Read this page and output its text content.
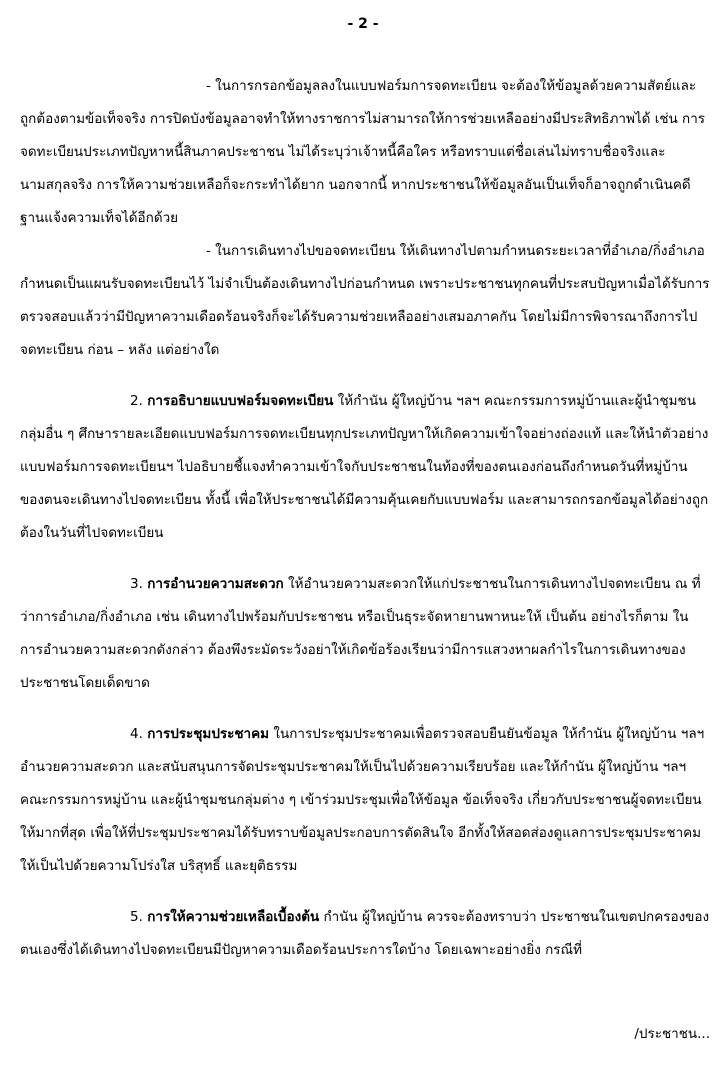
- 2 -

- ในการกรอกข้อมูลลงในแบบฟอร์มการจดทะเบียน จะต้องให้ข้อมูลด้วยความสัตย์และถูกต้องตามข้อเท็จจริง การปิดบังข้อมูลอาจทำให้ทางราชการไม่สามารถให้การช่วยเหลืออย่างมีประสิทธิภาพได้ เช่น การจดทะเบียนประเภทปัญหาหนี้สินภาคประชาชน ไม่ได้ระบุว่าเจ้าหนี้คือใคร หรือทราบแต่ชื่อเล่นไม่ทราบชื่อจริงและนามสกุลจริง การให้ความช่วยเหลือก็จะกระทำได้ยาก นอกจากนี้ หากประชาชนให้ข้อมูลอันเป็นเท็จก็อาจถูกดำเนินคดีฐานแจ้งความเท็จได้อีกด้วย

- ในการเดินทางไปขอจดทะเบียน ให้เดินทางไปตามกำหนดระยะเวลาที่อำเภอ/กิ่งอำเภอกำหนดเป็นแผนรับจดทะเบียนไว้ ไม่จำเป็นต้องเดินทางไปก่อนกำหนด เพราะประชาชนทุกคนที่ประสบปัญหาเมื่อได้รับการตรวจสอบแล้วว่ามีปัญหาความเดือดร้อนจริงก็จะได้รับความช่วยเหลืออย่างเสมอภาคกัน โดยไม่มีการพิจารณาถึงการไปจดทะเบียน ก่อน – หลัง แต่อย่างใด

2. การอธิบายแบบฟอร์มจดทะเบียน ให้กำนัน ผู้ใหญ่บ้าน ฯลฯ คณะกรรมการหมู่บ้านและผู้นำชุมชนกลุ่มอื่น ๆ ศึกษารายละเอียดแบบฟอร์มการจดทะเบียนทุกประเภทปัญหาให้เกิดความเข้าใจอย่างถ่องแท้ และให้นำตัวอย่างแบบฟอร์มการจดทะเบียนฯ ไปอธิบายชี้แจงทำความเข้าใจกับประชาชนในท้องที่ของตนเองก่อนถึงกำหนดวันที่หมู่บ้านของตนจะเดินทางไปจดทะเบียน ทั้งนี้ เพื่อให้ประชาชนได้มีความคุ้นเคยกับแบบฟอร์ม และสามารถกรอกข้อมูลได้อย่างถูกต้องในวันที่ไปจดทะเบียน

3. การอำนวยความสะดวก ให้อำนวยความสะดวกให้แก่ประชาชนในการเดินทางไปจดทะเบียน ณ ที่ว่าการอำเภอ/กิ่งอำเภอ เช่น เดินทางไปพร้อมกับประชาชน หรือเป็นธุระจัดหายานพาหนะให้ เป็นต้น อย่างไรก็ตาม ในการอำนวยความสะดวกดังกล่าว ต้องพึงระมัดระวังอย่าให้เกิดข้อร้องเรียนว่ามีการแสวงหาผลกำไรในการเดินทางของประชาชนโดยเด็ดขาด

4. การประชุมประชาคม ในการประชุมประชาคมเพื่อตรวจสอบยืนยันข้อมูล ให้กำนัน ผู้ใหญ่บ้าน ฯลฯ อำนวยความสะดวก และสนับสนุนการจัดประชุมประชาคมให้เป็นไปด้วยความเรียบร้อย และให้กำนัน ผู้ใหญ่บ้าน ฯลฯ คณะกรรมการหมู่บ้าน และผู้นำชุมชนกลุ่มต่าง ๆ เข้าร่วมประชุมเพื่อให้ข้อมูล ข้อเท็จจริง เกี่ยวกับประชาชนผู้จดทะเบียนให้มากที่สุด เพื่อให้ที่ประชุมประชาคมได้รับทราบข้อมูลประกอบการตัดสินใจ อีกทั้งให้สอดส่องดูแลการประชุมประชาคมให้เป็นไปด้วยความโปร่งใส บริสุทธิ์ และยุติธรรม

5. การให้ความช่วยเหลือเบื้องต้น กำนัน ผู้ใหญ่บ้าน ควรจะต้องทราบว่า ประชาชนในเขตปกครองของตนเองซึ่งได้เดินทางไปจดทะเบียนมีปัญหาความเดือดร้อนประการใดบ้าง โดยเฉพาะอย่างยิ่ง กรณีที่

/ประชาชน...
